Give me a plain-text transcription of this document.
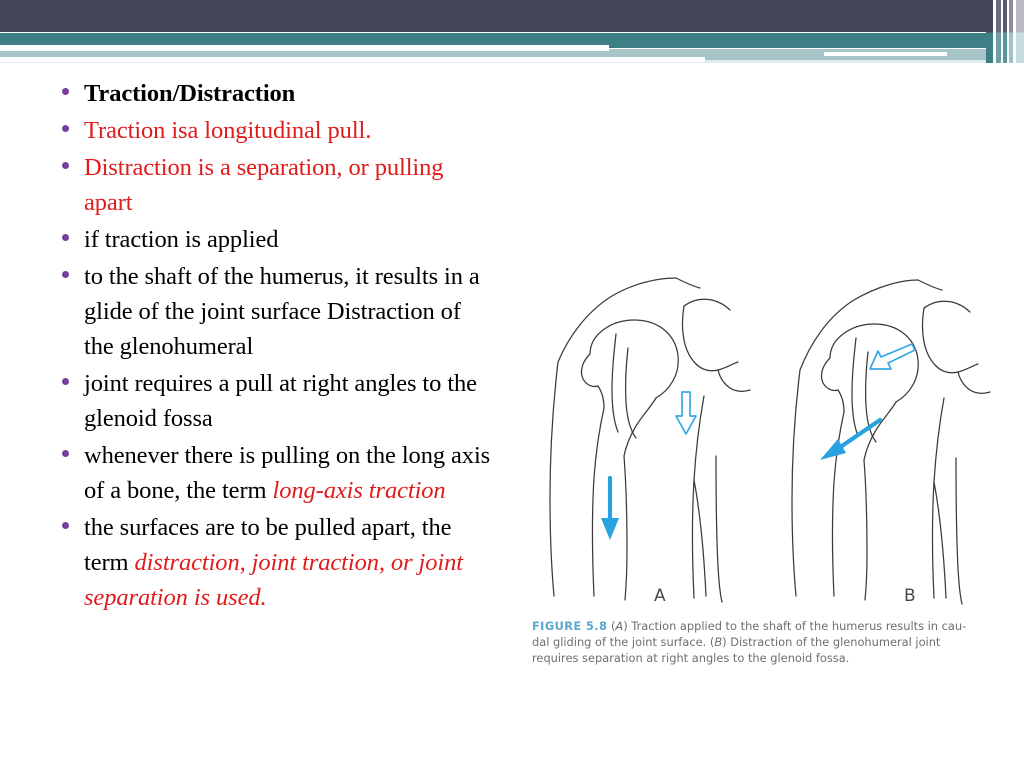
Traction/Distraction
Traction isa longitudinal pull.
Distraction is a separation, or pulling apart
if traction is applied
to the shaft of the humerus, it results in a glide of the joint surface Distraction of the glenohumeral
joint requires a pull at right angles to the glenoid fossa
whenever there is pulling on the long axis of a bone, the term long-axis traction
the surfaces are to be pulled apart, the term distraction, joint traction, or joint separation is used.	A	B
FIGURE 5.8 (A) Traction applied to the shaft of the humerus results in cau-dal gliding of the joint surface. (B) Distraction of the glenohumeral joint requires separation at right angles to the glenoid fossa.
